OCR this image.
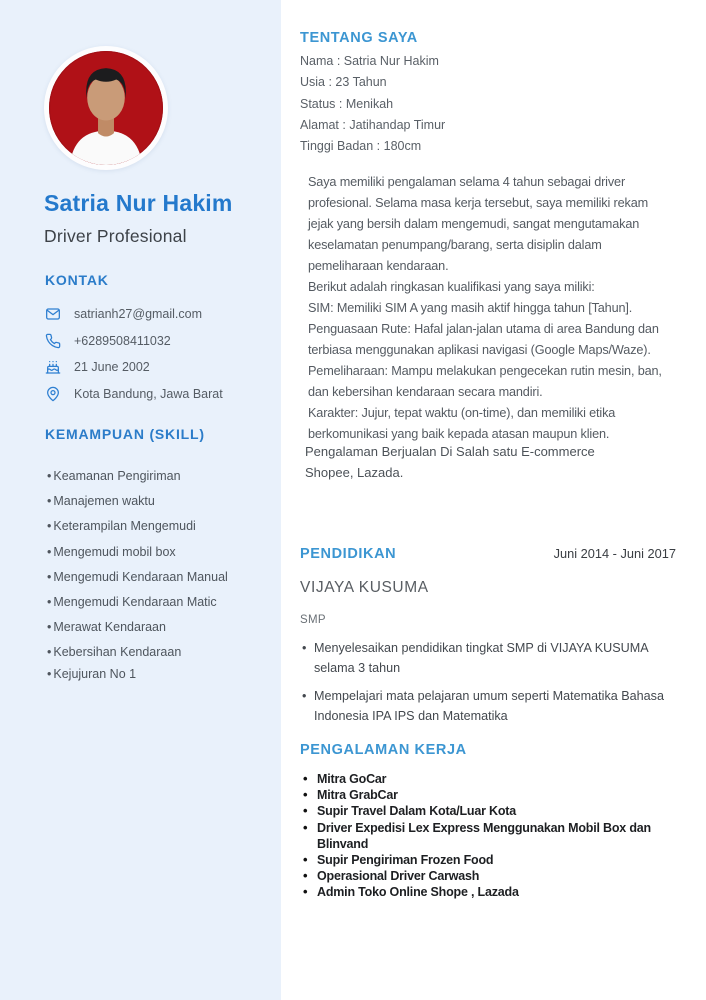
Satria Nur Hakim
Driver Profesional
KONTAK
satrianh27@gmail.com
+6289508411032
21 June 2002
Kota Bandung, Jawa Barat
KEMAMPUAN (SKILL)
• Keamanan Pengiriman
• Manajemen waktu
• Keterampilan Mengemudi
• Mengemudi mobil box
• Mengemudi Kendaraan Manual
• Mengemudi Kendaraan Matic
• Merawat Kendaraan
• Kebersihan Kendaraan
• Kejujuran No 1
TENTANG SAYA

Nama : Satria Nur Hakim

Usia : 23 Tahun

Status : Menikah

Alamat : Jatihandap Timur

Tinggi Badan : 180cm

Saya memiliki pengalaman selama 4 tahun sebagai driver profesional. Selama masa kerja tersebut, saya memiliki rekam jejak yang bersih dalam mengemudi, sangat mengutamakan keselamatan penumpang/barang, serta disiplin dalam pemeliharaan kendaraan.

Berikut adalah ringkasan kualifikasi yang saya miliki:

SIM: Memiliki SIM A yang masih aktif hingga tahun [Tahun].

Penguasaan Rute: Hafal jalan-jalan utama di area Bandung dan terbiasa menggunakan aplikasi navigasi (Google Maps/Waze).

Pemeliharaan: Mampu melakukan pengecekan rutin mesin, ban, dan kebersihan kendaraan secara mandiri.

Karakter: Jujur, tepat waktu (on-time), dan memiliki etika berkomunikasi yang baik kepada atasan maupun klien.

Pengalaman Berjualan Di Salah satu E-commerce

Shopee, Lazada.

PENDIDIKAN	Juni 2014 - Juni 2017
VIJAYA KUSUMA
SMP
• Menyelesaikan pendidikan tingkat SMP di VIJAYA KUSUMA selama 3 tahun
• Mempelajari mata pelajaran umum seperti Matematika Bahasa Indonesia IPA IPS dan Matematika
PENGALAMAN KERJA
• Mitra GoCar
• Mitra GrabCar
• Supir Travel Dalam Kota/Luar Kota
• Driver Expedisi Lex Express Menggunakan Mobil Box dan Blinvand
• Supir Pengiriman Frozen Food
• Operasional Driver Carwash
• Admin Toko Online Shope , Lazada
